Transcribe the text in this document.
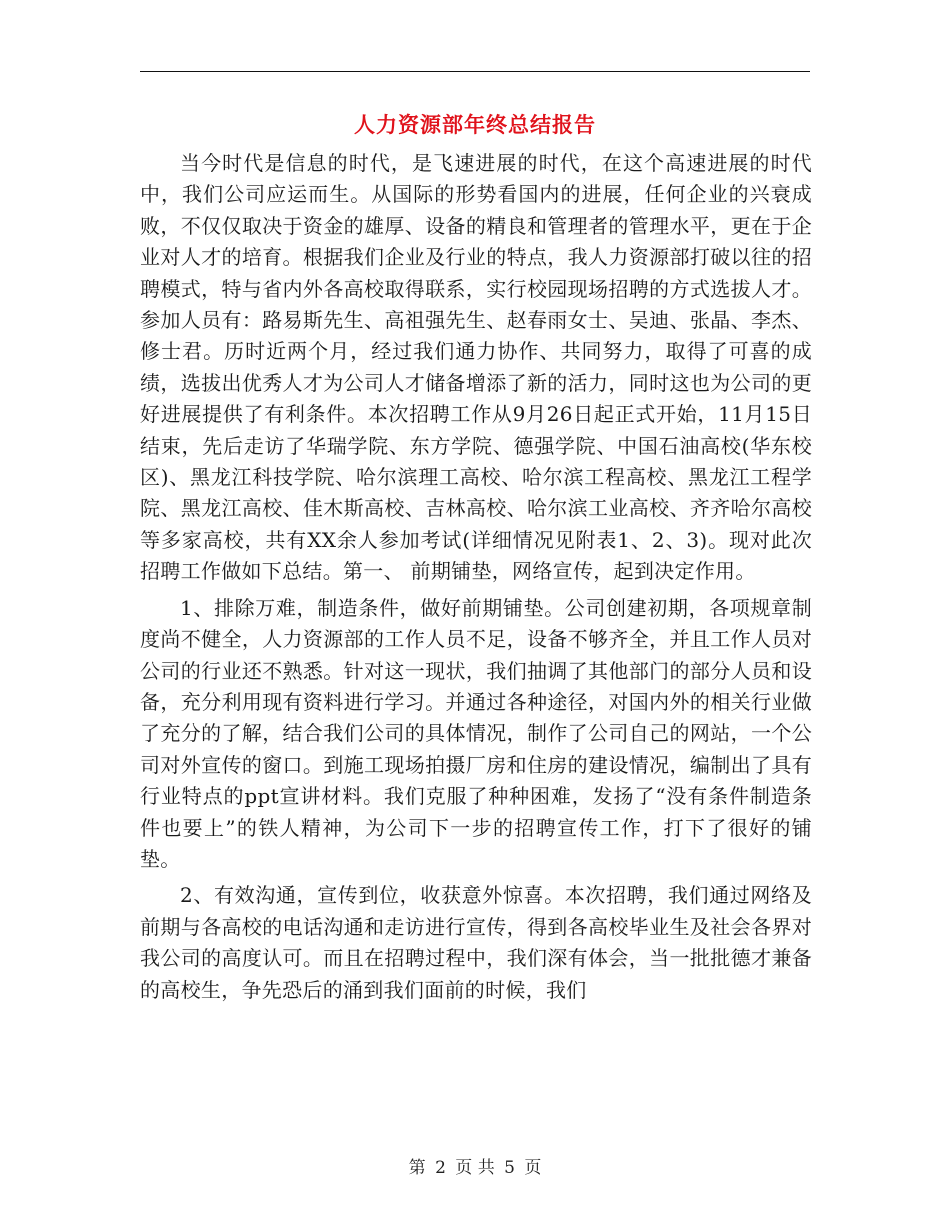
人力资源部年终总结报告

当今时代是信息的时代，是飞速进展的时代，在这个高速进展的时代中，我们公司应运而生。从国际的形势看国内的进展，任何企业的兴衰成败，不仅仅取决于资金的雄厚、设备的精良和管理者的管理水平，更在于企业对人才的培育。根据我们企业及行业的特点，我人力资源部打破以往的招聘模式，特与省内外各高校取得联系，实行校园现场招聘的方式选拔人才。参加人员有：路易斯先生、高祖强先生、赵春雨女士、吴迪、张晶、李杰、修士君。历时近两个月，经过我们通力协作、共同努力，取得了可喜的成绩，选拔出优秀人才为公司人才储备增添了新的活力，同时这也为公司的更好进展提供了有利条件。本次招聘工作从9月26日起正式开始，11月15日结束，先后走访了华瑞学院、东方学院、德强学院、中国石油高校(华东校区)、黑龙江科技学院、哈尔滨理工高校、哈尔滨工程高校、黑龙江工程学院、黑龙江高校、佳木斯高校、吉林高校、哈尔滨工业高校、齐齐哈尔高校等多家高校，共有XX余人参加考试(详细情况见附表1、2、3)。现对此次招聘工作做如下总结。第一、 前期铺垫，网络宣传，起到决定作用。

1、排除万难，制造条件，做好前期铺垫。公司创建初期，各项规章制度尚不健全，人力资源部的工作人员不足，设备不够齐全，并且工作人员对公司的行业还不熟悉。针对这一现状，我们抽调了其他部门的部分人员和设备，充分利用现有资料进行学习。并通过各种途径，对国内外的相关行业做了充分的了解，结合我们公司的具体情况，制作了公司自己的网站，一个公司对外宣传的窗口。到施工现场拍摄厂房和住房的建设情况，编制出了具有行业特点的ppt宣讲材料。我们克服了种种困难，发扬了“没有条件制造条件也要上”的铁人精神，为公司下一步的招聘宣传工作，打下了很好的铺垫。

2、有效沟通，宣传到位，收获意外惊喜。本次招聘，我们通过网络及前期与各高校的电话沟通和走访进行宣传，得到各高校毕业生及社会各界对我公司的高度认可。而且在招聘过程中，我们深有体会，当一批批德才兼备的高校生，争先恐后的涌到我们面前的时候，我们

第 2 页 共 5 页
